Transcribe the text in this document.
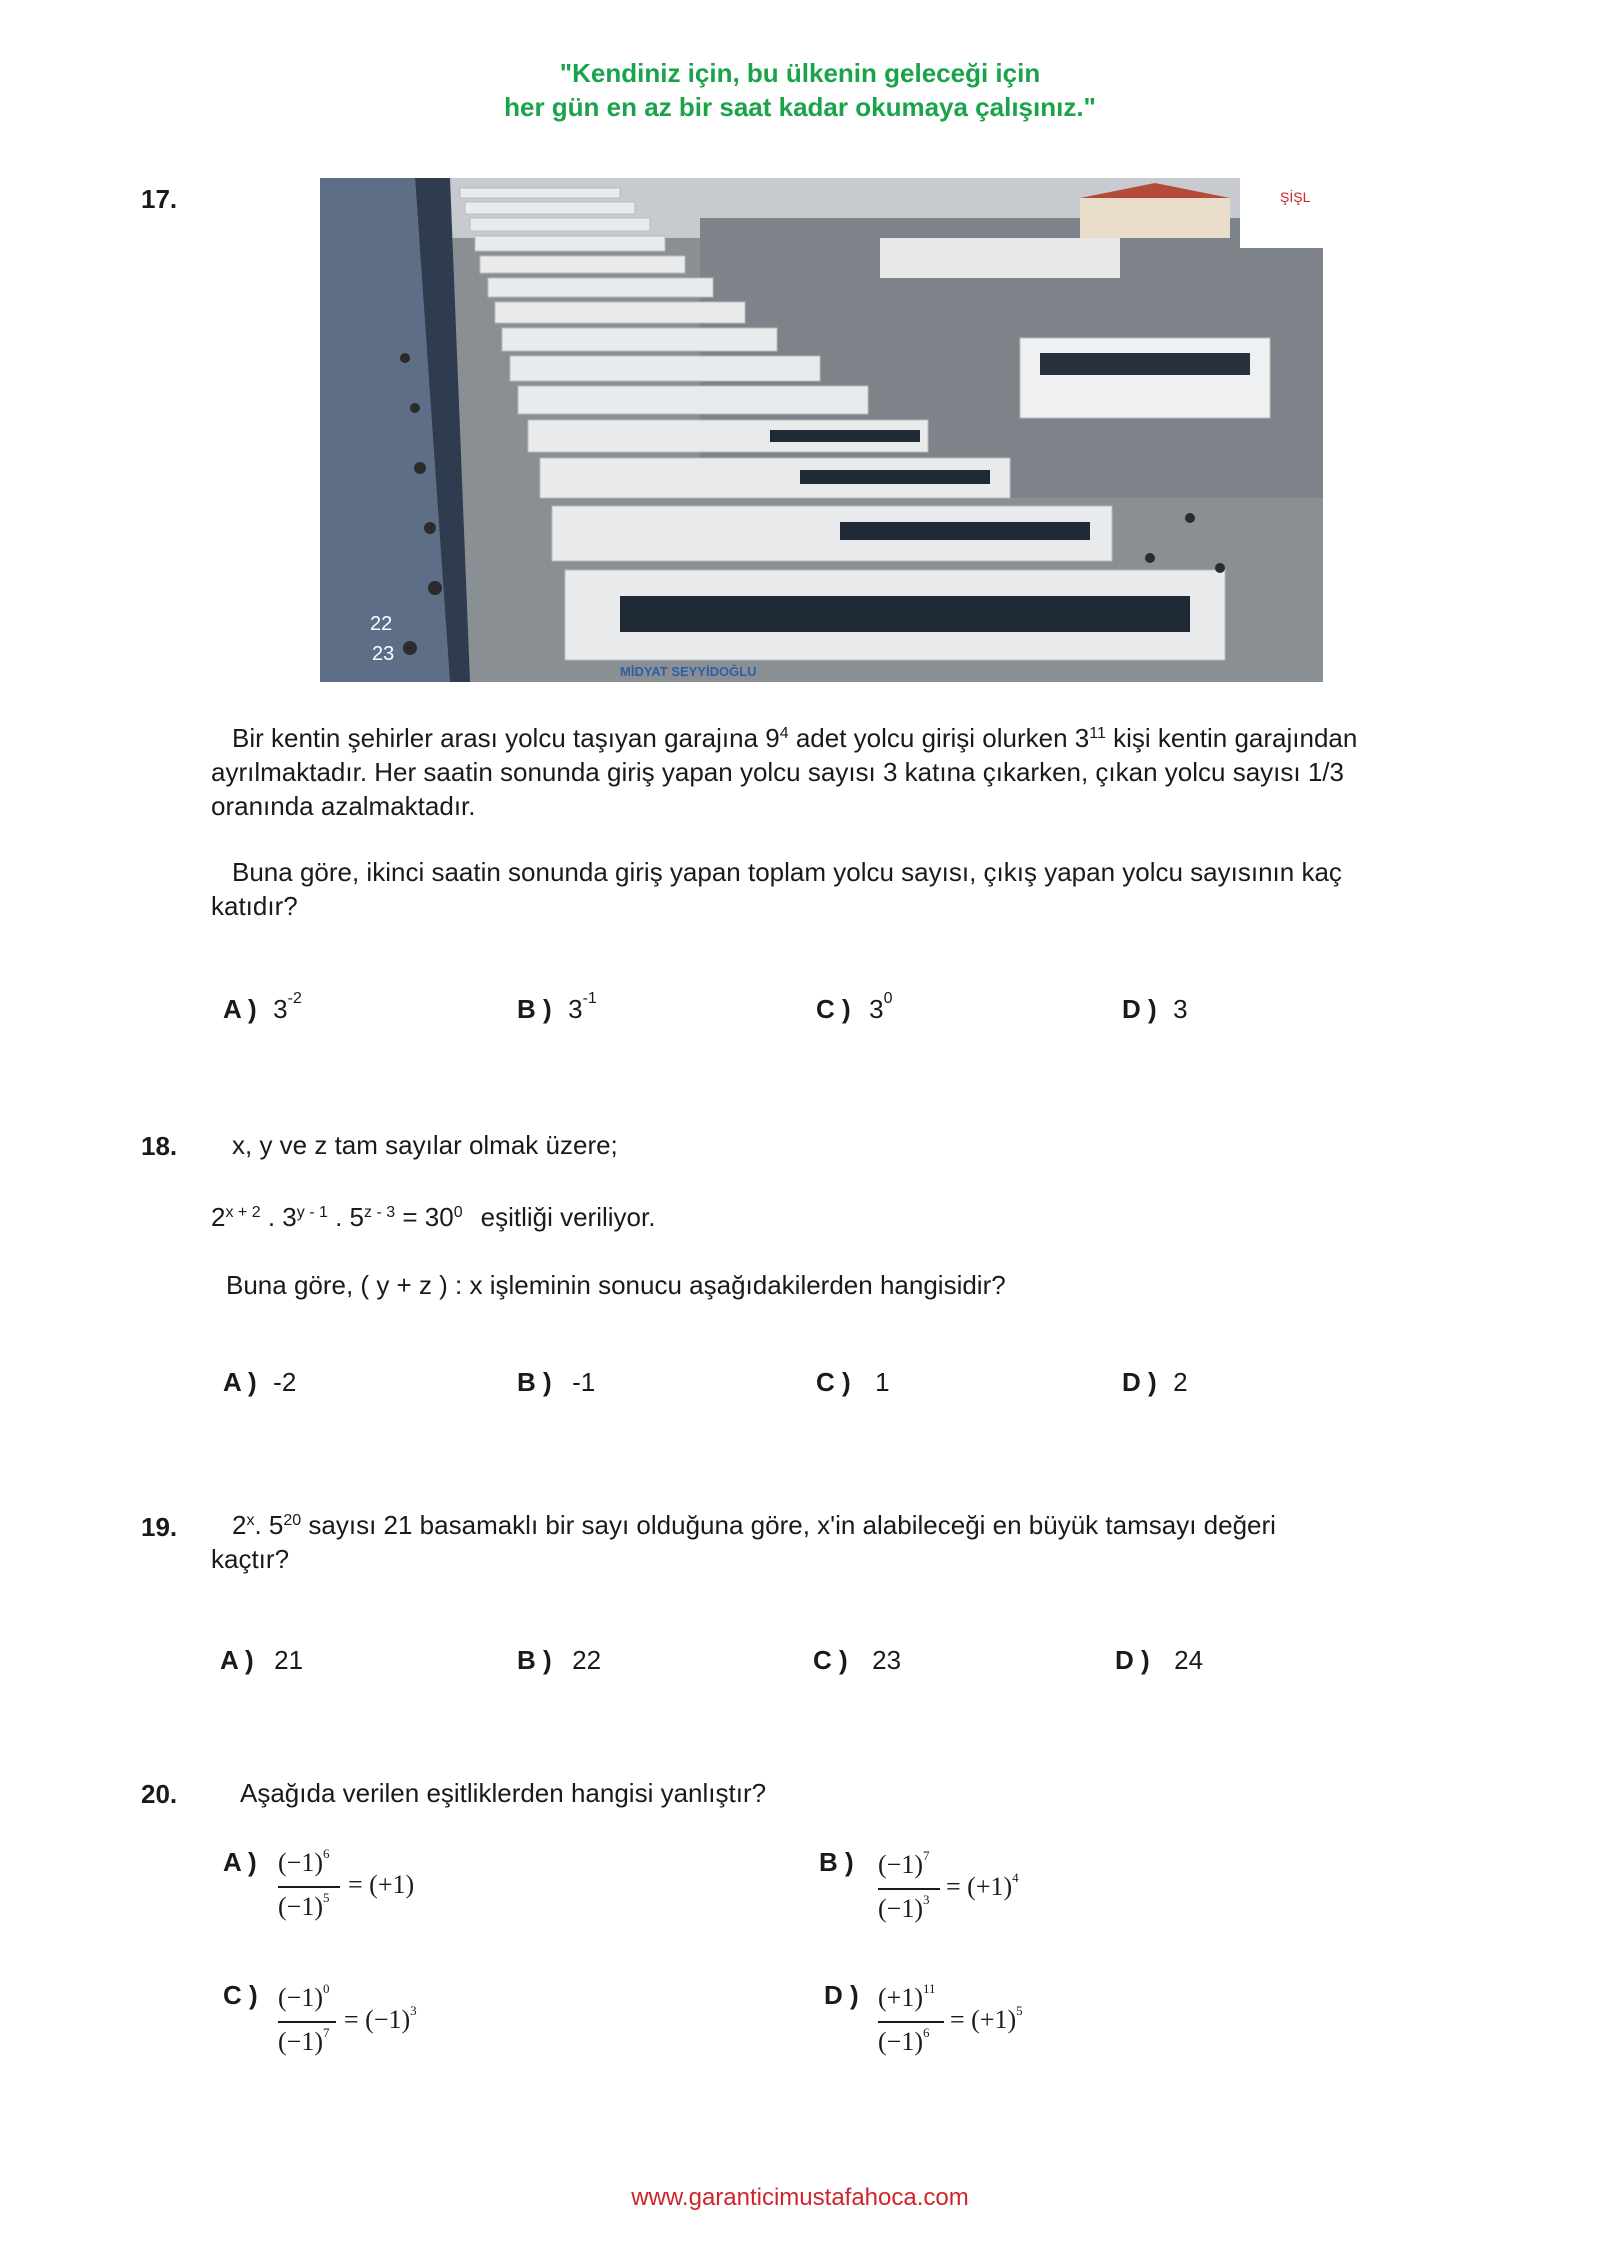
"Kendiniz için, bu ülkenin geleceği için
her gün en az bir saat kadar okumaya çalışınız."
17.	ŞİŞL
MİDYAT SEYYİDOĞLU
22
23
Bir kentin şehirler arası yolcu taşıyan garajına $9^4$ adet yolcu girişi olurken $3^{11}$ kişi kentin garajından
ayrılmaktadır. Her saatin sonunda giriş yapan yolcu sayısı 3 katına çıkarken, çıkan yolcu sayısı 1/3
oranında azalmaktadır.
Buna göre, ikinci saatin sonunda giriş yapan toplam yolcu sayısı, çıkış yapan yolcu sayısının kaç
katıdır?
A ) $3^{-2}$	B ) $3^{-1}$	C ) $3^0$	D ) 3
18. x, y ve z tam sayılar olmak üzere;
$2^{x + 2}$ . 3$^{y - 1}$ . $5^{z - 3} = 30^0$ eşitliği veriliyor.
Buna göre, ( y + z ) : x işleminin sonucu aşağıdakilerden hangisidir?
A ) -2	B ) -1	C ) 1	D ) 2
19. 2$^x$. $5^{20}$ sayısı 21 basamaklı bir sayı olduğuna göre, x'in alabileceği en büyük tamsayı değeri
kaçtır?
A ) 21	B ) 22	C ) 23	D ) 24
20. Aşağıda verilen eşitliklerden hangisi yanlıştır?
A ) $(-1)^6$
$(-1)^5 = (+1)$
B ) $(-1)^7$
$(-1)^3 = (+1)^4$
C ) $(-1)^0$
$(-1)^7 = (-1)^3$
D ) $(+1)^{11}$
$(-1)^6 = (+1)^5$
www.garanticimustafahoca.com
